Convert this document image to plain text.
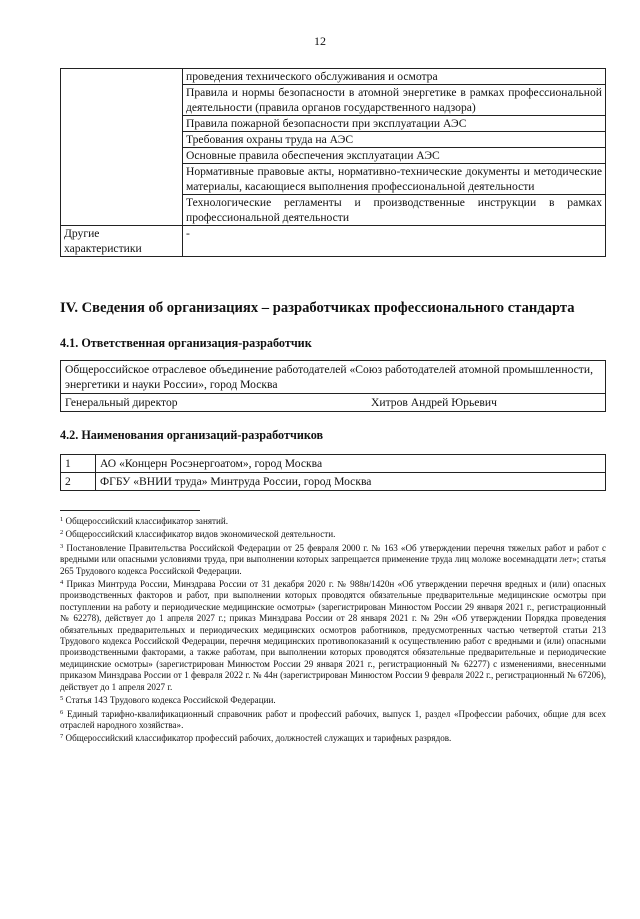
12
	проведения технического обслуживания и осмотра
	Правила и нормы безопасности в атомной энергетике в рамках профессиональной деятельности (правила органов государственного надзора)
	Правила пожарной безопасности при эксплуатации АЭС
	Требования охраны труда на АЭС
	Основные правила обеспечения эксплуатации АЭС
	Нормативные правовые акты, нормативно-технические документы и методические материалы, касающиеся выполнения профессиональной деятельности
	Технологические регламенты и производственные инструкции в рамках профессиональной деятельности
Другие характеристики	-
IV. Сведения об организациях – разработчиках профессионального стандарта
4.1. Ответственная организация-разработчик
Общероссийское отраслевое объединение работодателей «Союз работодателей атомной промышленности, энергетики и науки России», город Москва
Генеральный директор	Хитров Андрей Юрьевич
4.2. Наименования организаций-разработчиков
1	АО «Концерн Росэнергоатом», город Москва
2	ФГБУ «ВНИИ труда» Минтруда России, город Москва

$^1$ Общероссийский классификатор занятий.

$^2$ Общероссийский классификатор видов экономической деятельности.

$^3$ Постановление Правительства Российской Федерации от 25 февраля 2000 г. № 163 «Об утверждении перечня тяжелых работ и работ с вредными или опасными условиями труда, при выполнении которых запрещается применение труда лиц моложе восемнадцати лет»; статья 265 Трудового кодекса Российской Федерации.

$^4$ Приказ Минтруда России, Минздрава России от 31 декабря 2020 г. № 988н/1420н «Об утверждении перечня вредных и (или) опасных производственных факторов и работ, при выполнении которых проводятся обязательные предварительные медицинские осмотры при поступлении на работу и периодические медицинские осмотры» (зарегистрирован Минюстом России 29 января 2021 г., регистрационный № 62278), действует до 1 апреля 2027 г.; приказ Минздрава России от 28 января 2021 г. № 29н «Об утверждении Порядка проведения обязательных предварительных и периодических медицинских осмотров работников, предусмотренных частью четвертой статьи 213 Трудового кодекса Российской Федерации, перечня медицинских противопоказаний к осуществлению работ с вредными и (или) опасными производственными факторами, а также работам, при выполнении которых проводятся обязательные предварительные и периодические медицинские осмотры» (зарегистрирован Минюстом России 29 января 2021 г., регистрационный № 62277) с изменениями, внесенными приказом Минздрава России от 1 февраля 2022 г. № 44н (зарегистрирован Минюстом России 9 февраля 2022 г., регистрационный № 67206), действует до 1 апреля 2027 г.

$^5$ Статья 143 Трудового кодекса Российской Федерации.

$^6$ Единый тарифно-квалификационный справочник работ и профессий рабочих, выпуск 1, раздел «Профессии рабочих, общие для всех отраслей народного хозяйства».

$^7$ Общероссийский классификатор профессий рабочих, должностей служащих и тарифных разрядов.
